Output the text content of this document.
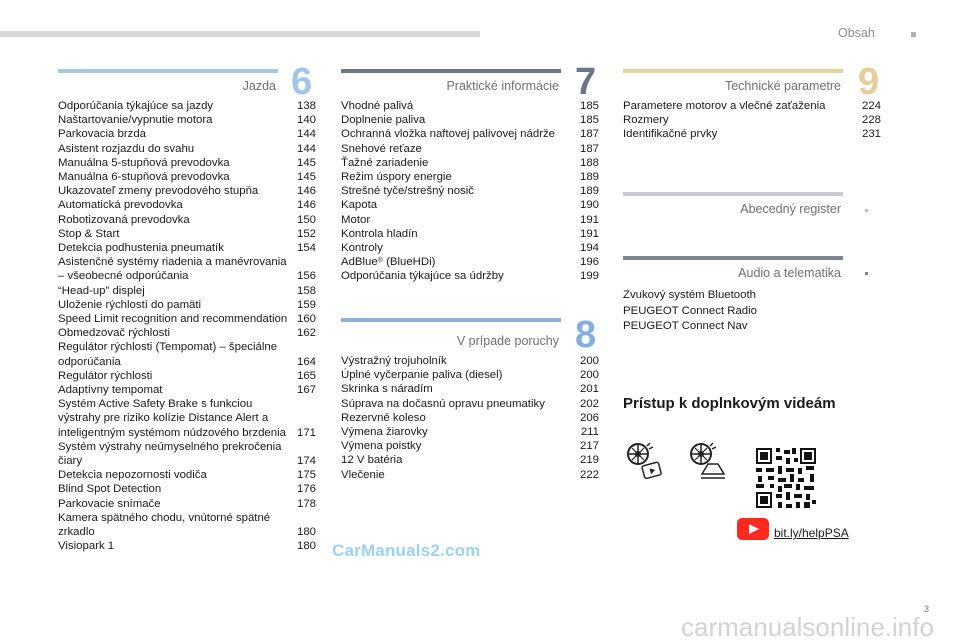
Obsah
Jazda 6
Odporúčania týkajúce sa jazdy	138
Naštartovanie/vypnutie motora	140
Parkovacia brzda	144
Asistent rozjazdu do svahu	144
Manuálna 5-stupňová prevodovka	145
Manuálna 6-stupňová prevodovka	145
Ukazovateľ zmeny prevodového stupňa	146
Automatická prevodovka	146
Robotizovaná prevodovka	150
Stop & Start	152
Detekcia podhustenia pneumatík	154
Asistenčné systémy riadenia a manévrovania – všeobecné odporúčania	156
“Head-up” displej	158
Uloženie rýchlostí do pamäti	159
Speed Limit recognition and recommendation 160
Obmedzovač rýchlosti	162
Regulátor rýchlosti (Tempomat) – špeciálne odporúčania	164
Regulátor rýchlosti	165
Adaptívny tempomat	167
Systém Active Safety Brake s funkciou výstrahy pre riziko kolízie Distance Alert a inteligentným systémom núdzového brzdenia 171
Systém výstrahy neúmyselného prekročenia čiary	174
Detekcia nepozornosti vodiča	175
Blind Spot Detection	176
Parkovacie snímače	178
Kamera spätného chodu, vnútorné spätné zrkadlo	180
Visiopark 1	180
Praktické informácie 7
Vhodné palivá	185
Doplnenie paliva	185
Ochranná vložka naftovej palivovej nádrže	187
Snehové reťaze	187
Ťažné zariadenie	188
Režim úspory energie	189
Strešné tyče/strešný nosič	189
Kapota	190
Motor	191
Kontrola hladín	191
Kontroly	194
AdBlue® (BlueHDi)	196
Odporúčania týkajúce sa údržby	199
V prípade poruchy 8
Výstražný trojuholník	200
Úplné vyčerpanie paliva (diesel)	200
Skrinka s náradím	201
Súprava na dočasnú opravu pneumatiky	202
Rezervné koleso	206
Výmena žiarovky	211
Výmena poistky	217
12 V batéria	219
Vlečenie	222
Technické parametre 9
Parametere motorov a vlečné zaťaženia	224
Rozmery	228
Identifikačné prvky	231
Abecedný register
Audio a telematika
Zvukový systém Bluetooth
PEUGEOT Connect Radio
PEUGEOT Connect Nav
Prístup k doplnkovým videám
bit.ly/helpPSA
CarManuals2.com
carmanualsonline.info
3
